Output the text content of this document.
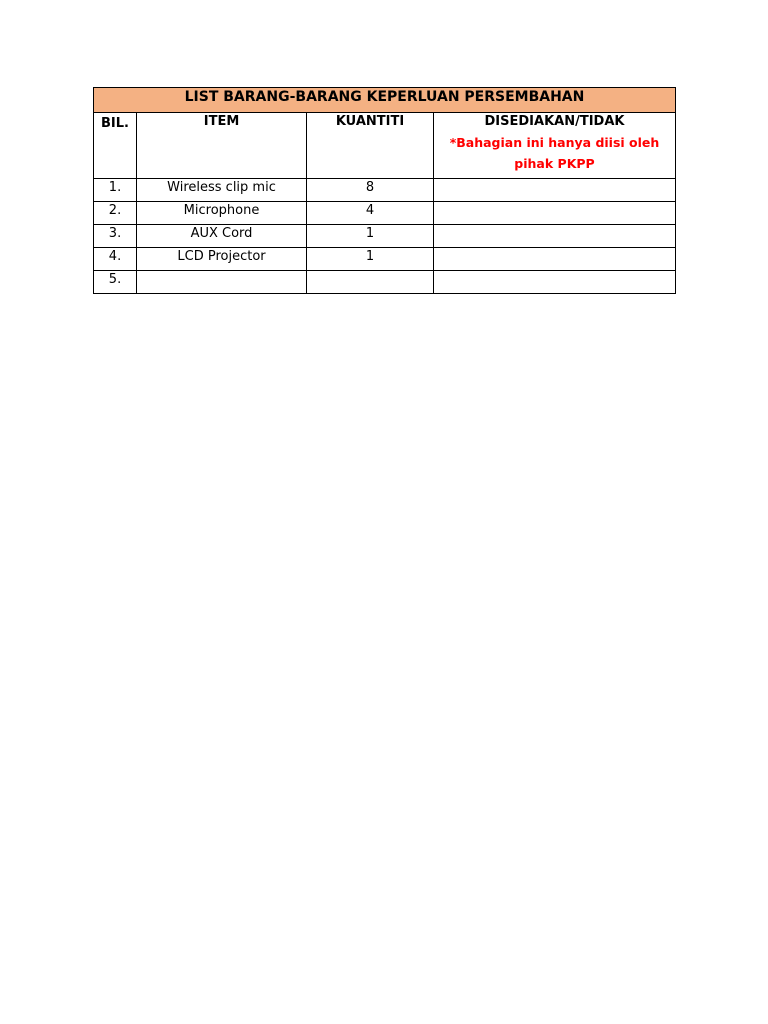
LIST BARANG-BARANG KEPERLUAN PERSEMBAHAN			
BIL.	ITEM	KUANTITI	DISEDIAKAN/TIDAK
*Bahagian ini hanya diisi oleh pihak PKPP

1.	Wireless clip mic	8	
2.	Microphone	4	
3.	AUX Cord	1	
4.	LCD Projector	1	
5.			
